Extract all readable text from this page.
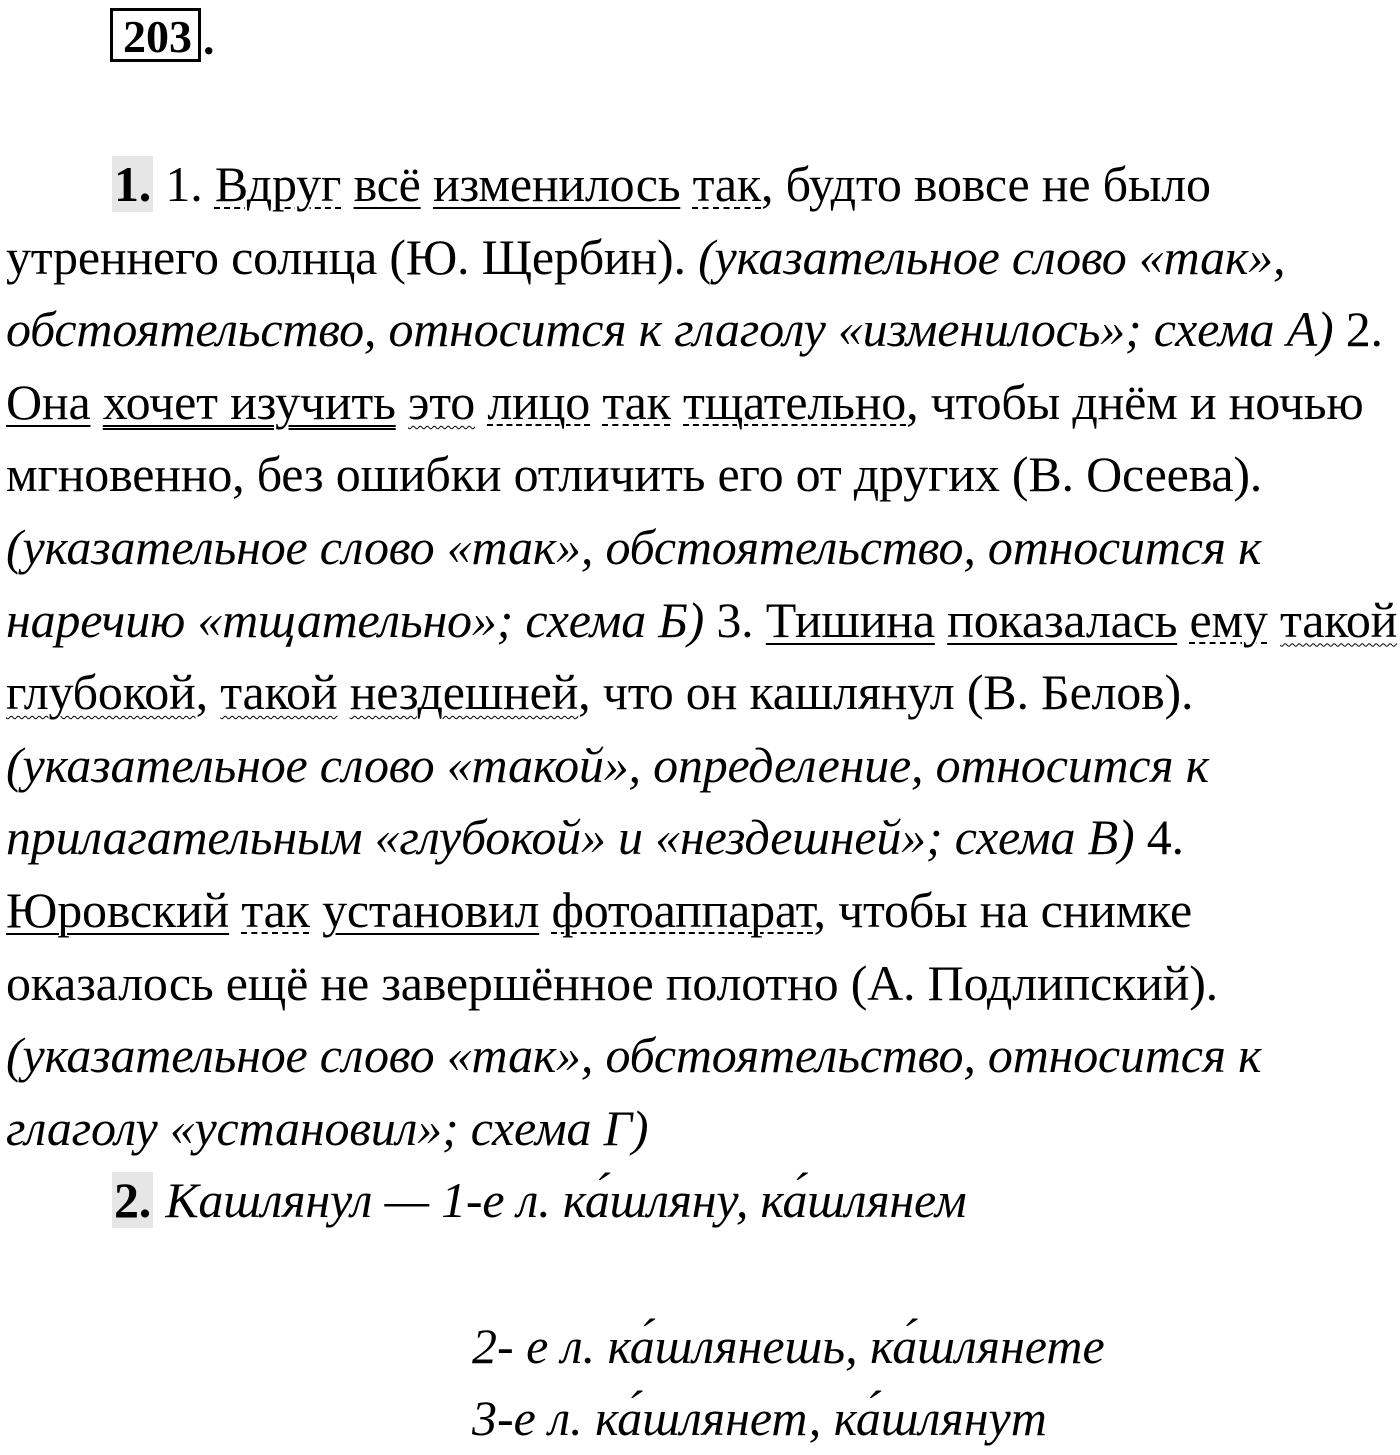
203 .

1. 1. Вдруг всё изменилось так, будто вовсе не было утреннего солнца (Ю. Щербин). (указательное слово «так», обстоятельство, относится к глаголу «изменилось»; схема А) 2. Она хочет изучить это лицо так тщательно, чтобы днём и ночью мгновенно, без ошибки отличить его от других (В. Осеева). (указательное слово «так», обстоятельство, относится к наречию «тщательно»; схема Б) 3. Тишина показалась ему такой глубокой, такой нездешней, что он кашлянул (В. Белов). (указательное слово «такой», определение, относится к прилагательным «глубокой» и «нездешней»; схема В) 4. Юровский так установил фотоаппарат, чтобы на снимке оказалось ещё не завершённое полотно (А. Подлипский). (указательное слово «так», обстоятельство, относится к глаголу «установил»; схема Г)
2. Кашлянул — 1-е л. ка́шляну, ка́шлянем

2- е л. ка́шлянешь, ка́шлянете
3-е л. ка́шлянет, ка́шлянут
